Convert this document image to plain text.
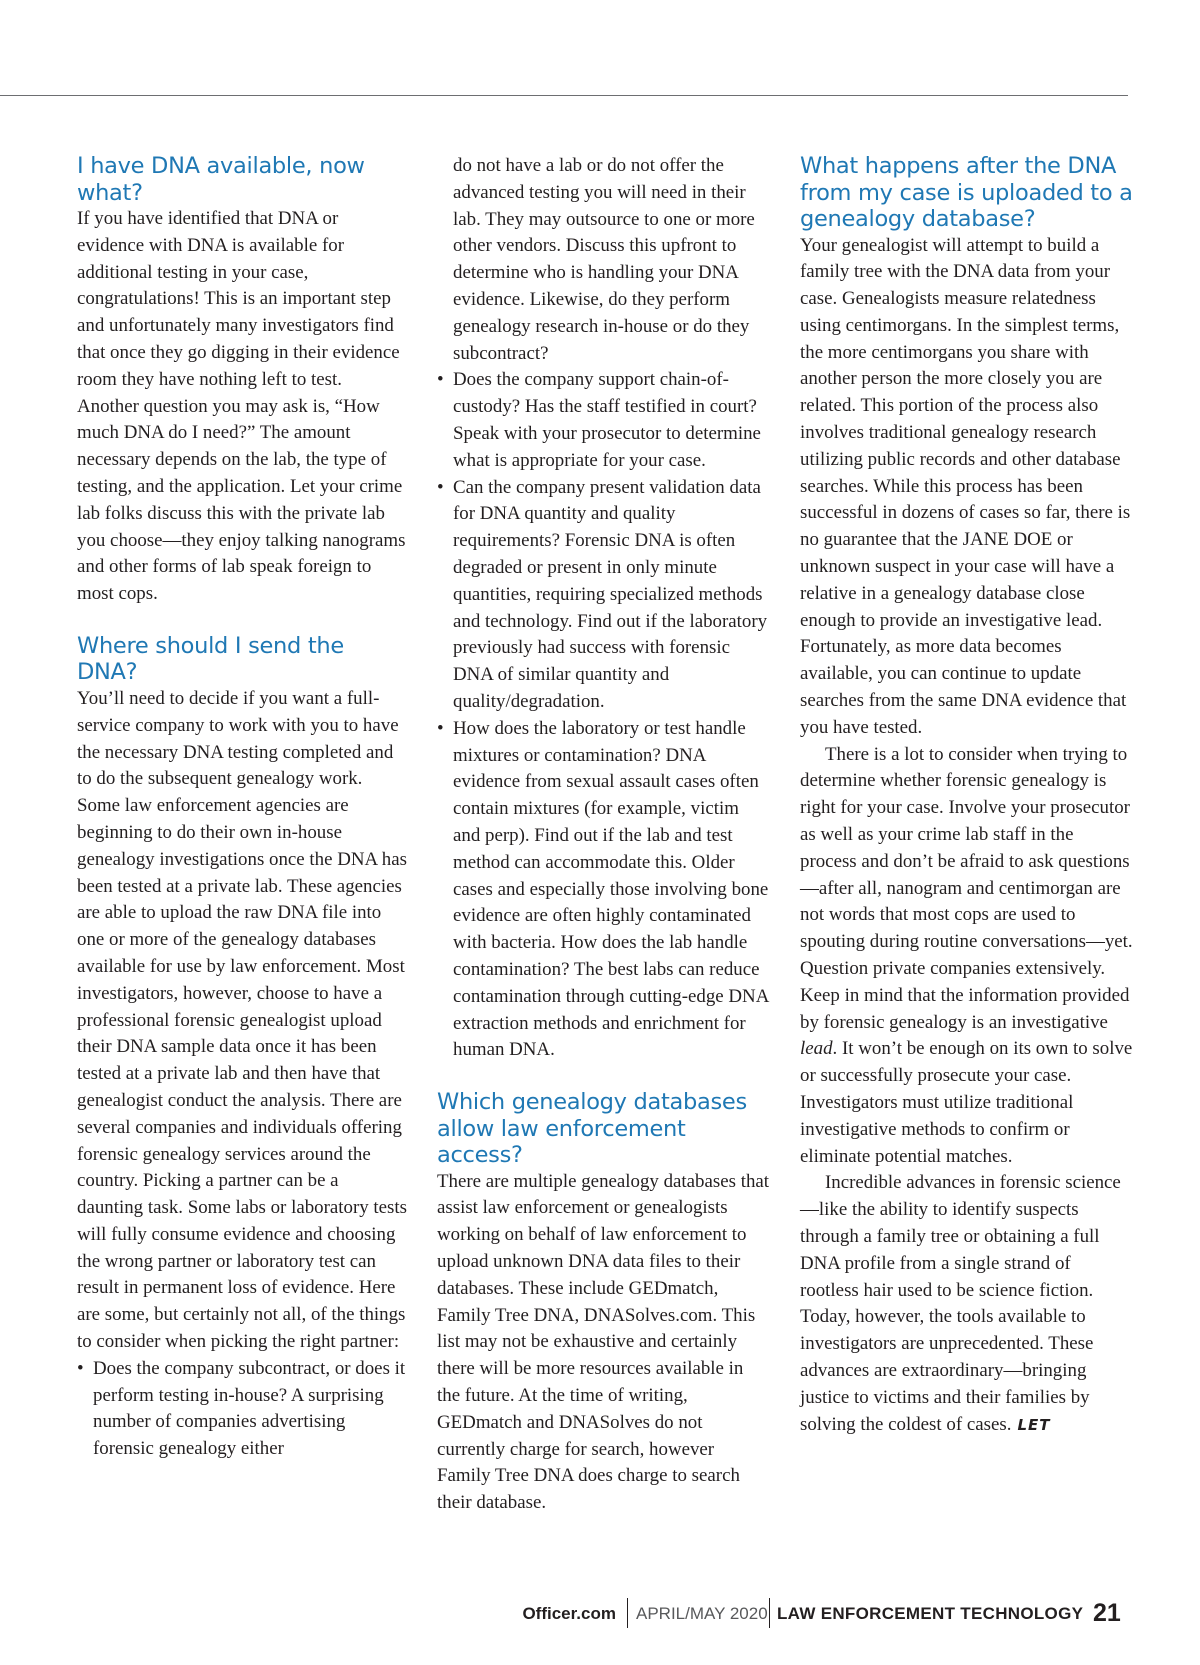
I have DNA available, now what?

If you have identified that DNA or evidence with DNA is available for additional testing in your case, congratulations! This is an important step and unfortunately many investigators find that once they go digging in their evidence room they have nothing left to test. Another question you may ask is, “How much DNA do I need?” The amount necessary depends on the lab, the type of testing, and the application. Let your crime lab folks discuss this with the private lab you choose—they enjoy talking nanograms and other forms of lab speak foreign to most cops.

Where should I send the DNA?

You’ll need to decide if you want a full-service company to work with you to have the necessary DNA testing completed and to do the subsequent genealogy work. Some law enforcement agencies are beginning to do their own in-house genealogy investigations once the DNA has been tested at a private lab. These agencies are able to upload the raw DNA file into one or more of the genealogy databases available for use by law enforcement. Most investigators, however, choose to have a professional forensic genealogist upload their DNA sample data once it has been tested at a private lab and then have that genealogist conduct the analysis. There are several companies and individuals offering forensic genealogy services around the country. Picking a partner can be a daunting task. Some labs or laboratory tests will fully consume evidence and choosing the wrong partner or laboratory test can result in permanent loss of evidence. Here are some, but certainly not all, of the things to consider when picking the right partner:

• Does the company subcontract, or does it perform testing in-house? A surprising number of companies advertising forensic genealogy either

do not have a lab or do not offer the advanced testing you will need in their lab. They may outsource to one or more other vendors. Discuss this upfront to determine who is handling your DNA evidence. Likewise, do they perform genealogy research in-house or do they subcontract?

• Does the company support chain-of-custody? Has the staff testified in court? Speak with your prosecutor to determine what is appropriate for your case.
• Can the company present validation data for DNA quantity and quality requirements? Forensic DNA is often degraded or present in only minute quantities, requiring specialized methods and technology. Find out if the laboratory previously had success with forensic DNA of similar quantity and quality/degradation.
• How does the laboratory or test handle mixtures or contamination? DNA evidence from sexual assault cases often contain mixtures (for example, victim and perp). Find out if the lab and test method can accommodate this. Older cases and especially those involving bone evidence are often highly contaminated with bacteria. How does the lab handle contamination? The best labs can reduce contamination through cutting-edge DNA extraction methods and enrichment for human DNA.
Which genealogy databases allow law enforcement access?

There are multiple genealogy databases that assist law enforcement or genealogists working on behalf of law enforcement to upload unknown DNA data files to their databases. These include GEDmatch, Family Tree DNA, DNASolves.com. This list may not be exhaustive and certainly there will be more resources available in the future. At the time of writing, GEDmatch and DNASolves do not currently charge for search, however Family Tree DNA does charge to search their database.

What happens after the DNA from my case is uploaded to a genealogy database?

Your genealogist will attempt to build a family tree with the DNA data from your case. Genealogists measure relatedness using centimorgans. In the simplest terms, the more centimorgans you share with another person the more closely you are related. This portion of the process also involves traditional genealogy research utilizing public records and other database searches. While this process has been successful in dozens of cases so far, there is no guarantee that the JANE DOE or unknown suspect in your case will have a relative in a genealogy database close enough to provide an investigative lead. Fortunately, as more data becomes available, you can continue to update searches from the same DNA evidence that you have tested.

There is a lot to consider when trying to determine whether forensic genealogy is right for your case. Involve your prosecutor as well as your crime lab staff in the process and don’t be afraid to ask questions—after all, nanogram and centimorgan are not words that most cops are used to spouting during routine conversations—yet. Question private companies extensively. Keep in mind that the information provided by forensic genealogy is an investigative lead. It won’t be enough on its own to solve or successfully prosecute your case. Investigators must utilize traditional investigative methods to confirm or eliminate potential matches.

Incredible advances in forensic science—like the ability to identify suspects through a family tree or obtaining a full DNA profile from a single strand of rootless hair used to be science fiction. Today, however, the tools available to investigators are unprecedented. These advances are extraordinary—bringing justice to victims and their families by solving the coldest of cases. LET

Officer.com APRIL/MAY 2020 LAW ENFORCEMENT TECHNOLOGY 21
